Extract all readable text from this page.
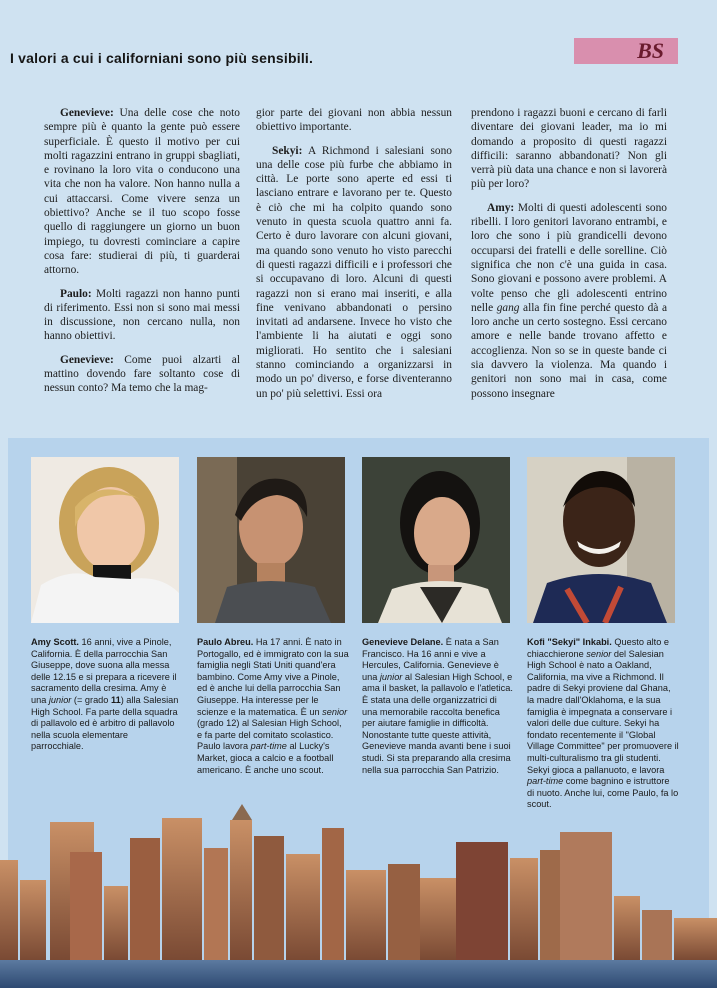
I valori a cui i californiani sono più sensibili.	BS

Genevieve: Una delle cose che noto sempre più è quanto la gente può essere superficiale. È questo il motivo per cui molti ragazzini entrano in gruppi sbagliati, e rovinano la loro vita o conducono una vita che non ha valore. Non hanno nulla a cui attaccarsi. Come vivere senza un obiettivo? Anche se il tuo scopo fosse quello di raggiungere un giorno un buon impiego, tu dovresti cominciare a capire cosa fare: studierai di più, ti guarderai attorno.

Paulo: Molti ragazzi non hanno punti di riferimento. Essi non si sono mai messi in discussione, non cercano nulla, non hanno obiettivi.

Genevieve: Come puoi alzarti al mattino dovendo fare soltanto cose di nessun conto? Ma temo che la mag-

gior parte dei giovani non abbia nessun obiettivo importante.

Sekyi: A Richmond i salesiani sono una delle cose più furbe che abbiamo in città. Le porte sono aperte ed essi ti lasciano entrare e lavorano per te. Questo è ciò che mi ha colpito quando sono venuto in questa scuola quattro anni fa. Certo è duro lavorare con alcuni giovani, ma quando sono venuto ho visto parecchi di questi ragazzi difficili e i professori che si occupavano di loro. Alcuni di questi ragazzi non si erano mai inseriti, e alla fine venivano abbandonati o persino invitati ad andarsene. Invece ho visto che l'ambiente li ha aiutati e oggi sono migliorati. Ho sentito che i salesiani stanno cominciando a organizzarsi in modo un po' diverso, e forse diventeranno un po' più selettivi. Essi ora

prendono i ragazzi buoni e cercano di farli diventare dei giovani leader, ma io mi domando a proposito di questi ragazzi difficili: saranno abbandonati? Non gli verrà più data una chance e non si lavorerà più per loro?

Amy: Molti di questi adolescenti sono ribelli. I loro genitori lavorano entrambi, e loro che sono i più grandicelli devono occuparsi dei fratelli e delle sorelline. Ciò significa che non c'è una guida in casa. Sono giovani e possono avere problemi. A volte penso che gli adolescenti entrino nelle gang alla fin fine perché questo dà a loro anche un certo sostegno. Essi cercano amore e nelle bande trovano affetto e accoglienza. Non so se in queste bande ci sia davvero la violenza. Ma quando i genitori non sono mai in casa, come possono insegnare

Amy Scott. 16 anni, vive a Pinole, California. È della parrocchia San Giuseppe, dove suona alla messa delle 12.15 e si prepara a ricevere il sacramento della cresima. Amy è una junior (= grado 11) alla Salesian High School. Fa parte della squadra di pallavolo ed è arbitro di pallavolo nella scuola elementare parrocchiale.
Paulo Abreu. Ha 17 anni. È nato in Portogallo, ed è immigrato con la sua famiglia negli Stati Uniti quand'era bambino. Come Amy vive a Pinole, ed è anche lui della parrocchia San Giuseppe. Ha interesse per le scienze e la matematica. È un senior (grado 12) al Salesian High School, e fa parte del comitato scolastico. Paulo lavora part-time al Lucky's Market, gioca a calcio e a football americano. È anche uno scout.
Genevieve Delane. È nata a San Francisco. Ha 16 anni e vive a Hercules, California. Genevieve è una junior al Salesian High School, e ama il basket, la pallavolo e l'atletica. È stata una delle organizzatrici di una memorabile raccolta benefica per aiutare famiglie in difficoltà. Nonostante tutte queste attività, Genevieve manda avanti bene i suoi studi. Si sta preparando alla cresima nella sua parrocchia San Patrizio.
Kofi "Sekyi" Inkabi. Questo alto e chiacchierone senior del Salesian High School è nato a Oakland, California, ma vive a Richmond. Il padre di Sekyi proviene dal Ghana, la madre dall'Oklahoma, e la sua famiglia è impegnata a conservare i valori delle due culture. Sekyi ha fondato recentemente il "Global Village Committee" per promuovere il multi-culturalismo tra gli studenti. Sekyi gioca a pallanuoto, e lavora part-time come bagnino e istruttore di nuoto. Anche lui, come Paulo, fa lo scout.
